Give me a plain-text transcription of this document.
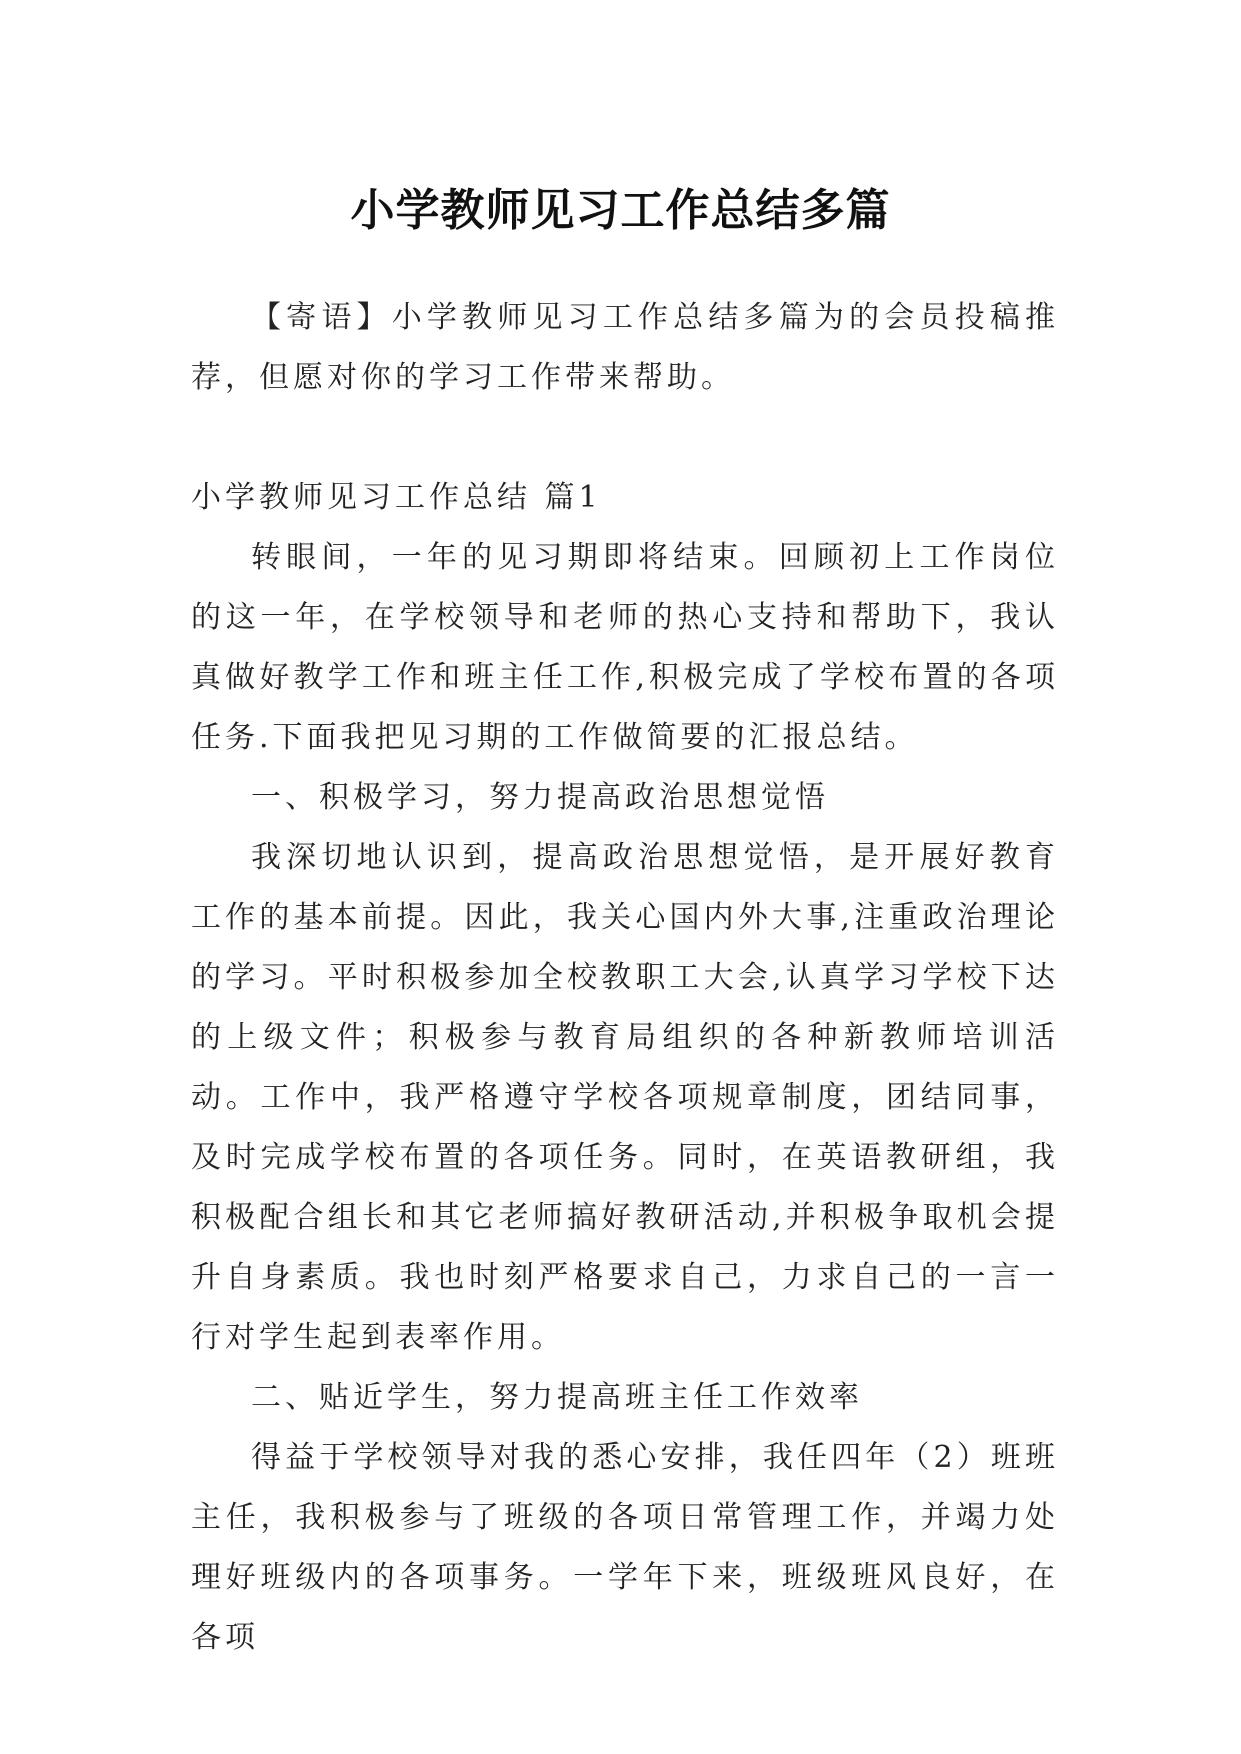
小学教师见习工作总结多篇

【寄语】小学教师见习工作总结多篇为的会员投稿推荐，但愿对你的学习工作带来帮助。

小学教师见习工作总结 篇1

转眼间，一年的见习期即将结束。回顾初上工作岗位的这一年，在学校领导和老师的热心支持和帮助下，我认真做好教学工作和班主任工作,积极完成了学校布置的各项任务.下面我把见习期的工作做简要的汇报总结。

一、积极学习，努力提高政治思想觉悟

我深切地认识到，提高政治思想觉悟，是开展好教育工作的基本前提。因此，我关心国内外大事,注重政治理论的学习。平时积极参加全校教职工大会,认真学习学校下达的上级文件；积极参与教育局组织的各种新教师培训活动。工作中，我严格遵守学校各项规章制度，团结同事，及时完成学校布置的各项任务。同时，在英语教研组，我积极配合组长和其它老师搞好教研活动,并积极争取机会提升自身素质。我也时刻严格要求自己，力求自己的一言一行对学生起到表率作用。

二、贴近学生，努力提高班主任工作效率

得益于学校领导对我的悉心安排，我任四年（2）班班主任，我积极参与了班级的各项日常管理工作，并竭力处理好班级内的各项事务。一学年下来，班级班风良好，在各项
